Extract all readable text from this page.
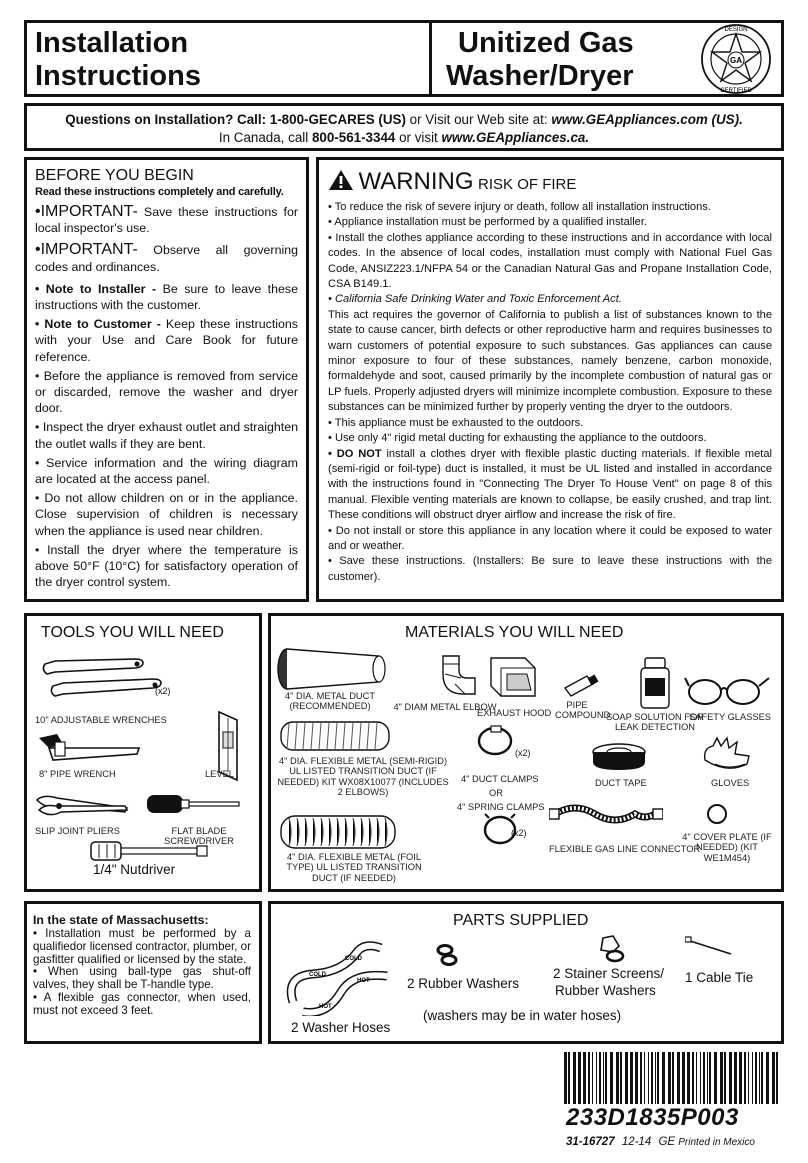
Installation
Instructions
Unitized Gas
Washer/Dryer	GA
DESIGN
CERTIFIED
Questions on Installation? Call: 1-800-GECARES (US) or Visit our Web site at: www.GEAppliances.com (US).
In Canada, call 800-561-3344 or visit www.GEAppliances.ca.
BEFORE YOU BEGIN
Read these instructions completely and carefully.
•IMPORTANT- Save these instructions for local inspector's use.
•IMPORTANT- Observe all governing codes and ordinances.
• Note to Installer - Be sure to leave these instructions with the customer.
• Note to Customer - Keep these instructions with your Use and Care Book for future reference.
• Before the appliance is removed from service or discarded, remove the washer and dryer door.
• Inspect the dryer exhaust outlet and straighten the outlet walls if they are bent.
• Service information and the wiring diagram are located at the access panel.
• Do not allow children on or in the appliance. Close supervision of children is necessary when the appliance is used near children.
• Install the dryer where the temperature is above 50°F (10°C) for satisfactory operation of the dryer control system.
WARNING RISK OF FIRE
• To reduce the risk of severe injury or death, follow all installation instructions.
• Appliance installation must be performed by a qualified installer.
• Install the clothes appliance according to these instructions and in accordance with local codes. In the absence of local codes, installation must comply with National Fuel Gas Code, ANSIZ223.1/NFPA 54 or the Canadian Natural Gas and Propane Installation Code, CSA B149.1.
• California Safe Drinking Water and Toxic Enforcement Act.
This act requires the governor of California to publish a list of substances known to the state to cause cancer, birth defects or other reproductive harm and requires businesses to warn customers of potential exposure to such substances. Gas appliances can cause minor exposure to four of these substances, namely benzene, carbon monoxide, formaldehyde and soot, caused primarily by the incomplete combustion of natural gas or LP fuels. Properly adjusted dryers will minimize incomplete combustion. Exposure to these substances can be minimized further by properly venting the dryer to the outdoors.
• This appliance must be exhausted to the outdoors.
• Use only 4" rigid metal ducting for exhausting the appliance to the outdoors.
• DO NOT install a clothes dryer with flexible plastic ducting materials. If flexible metal (semi-rigid or foil-type) duct is installed, it must be UL listed and installed in accordance with the instructions found in "Connecting The Dryer To House Vent" on page 8 of this manual. Flexible venting materials are known to collapse, be easily crushed, and trap lint. These conditions will obstruct dryer airflow and increase the risk of fire.
• Do not install or store this appliance in any location where it could be exposed to water and or weather.
• Save these instructions. (Installers: Be sure to leave these instructions with the customer).
TOOLS YOU WILL NEED
(x2)
10" ADJUSTABLE WRENCHES
8" PIPE WRENCH	LEVEL
SLIP JOINT PLIERS	FLAT BLADE SCREWDRIVER
1/4" Nutdriver
MATERIALS YOU WILL NEED
4" DIA. METAL DUCT (RECOMMENDED)	4" DIAM METAL ELBOW
EXHAUST HOOD
PIPE COMPOUND
SOAP SOLUTION FOR LEAK DETECTION
SAFETY GLASSES
4" DIA. FLEXIBLE METAL (SEMI-RIGID) UL LISTED TRANSITION DUCT (IF NEEDED) KIT WX08X10077 (INCLUDES 2 ELBOWS)
(x2)
4" DUCT CLAMPS
OR
4" SPRING CLAMPS
DUCT TAPE	GLOVES
(x2)
4" DIA. FLEXIBLE METAL (FOIL TYPE) UL LISTED TRANSITION DUCT (IF NEEDED)
FLEXIBLE GAS LINE CONNECTOR
4" COVER PLATE (IF NEEDED) (KIT WE1M454)
In the state of Massachusetts:
• Installation must be performed by a qualifiedor licensed contractor, plumber, or gasfitter qualified or licensed by the state.
• When using ball-type gas shut-off valves, they shall be T-handle type.
• A flexible gas connector, when used, must not exceed 3 feet.
PARTS SUPPLIED
COLD
COLD
HOT
HOT
2 Washer Hoses
2 Rubber Washers
2 Stainer Screens/
Rubber Washers
1 Cable Tie
(washers may be in water hoses)
233D1835P003
31-16727 12-14 GE Printed in Mexico
